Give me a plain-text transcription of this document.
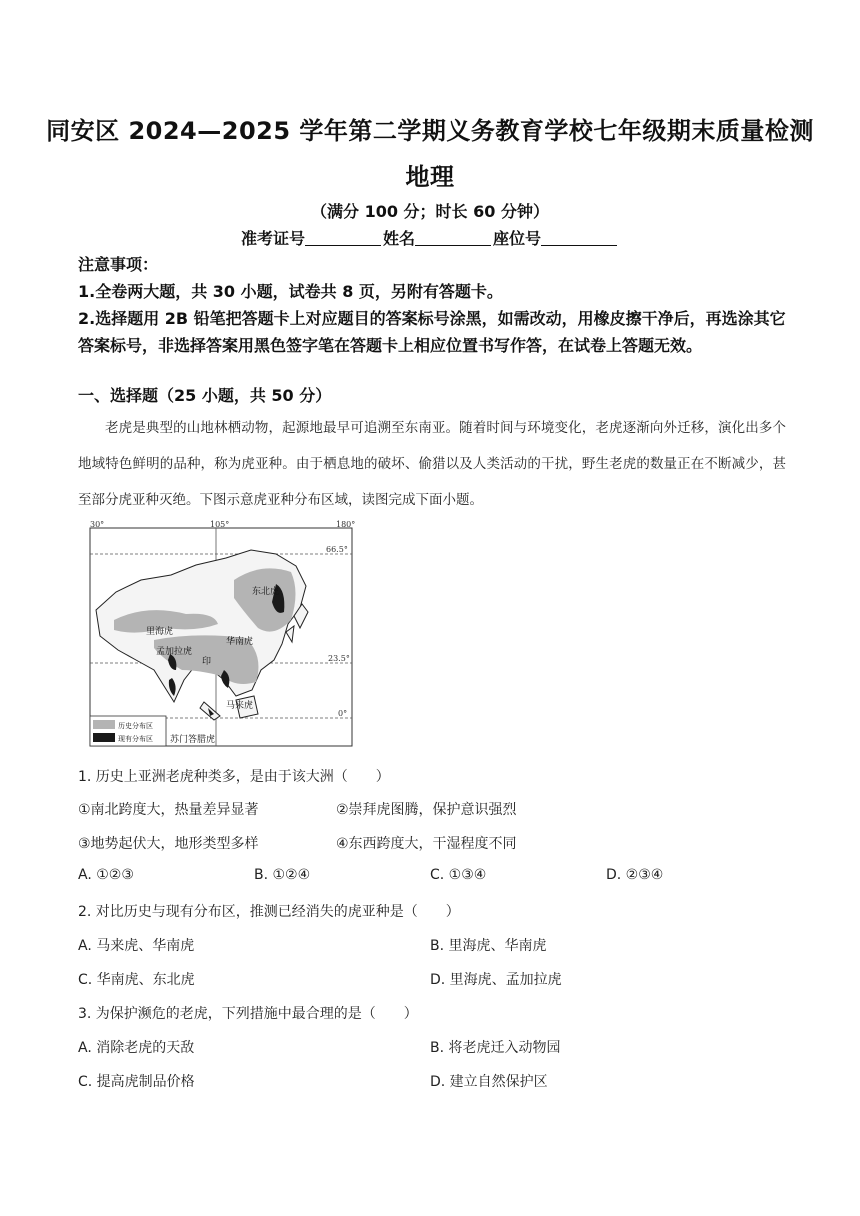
同安区 2024—2025 学年第二学期义务教育学校七年级期末质量检测
地理
（满分 100 分；时长 60 分钟）
准考证号	姓名	座位号
注意事项：
1.全卷两大题，共 30 小题，试卷共 8 页，另附有答题卡。
2.选择题用 2B 铅笔把答题卡上对应题目的答案标号涂黑，如需改动，用橡皮擦干净后，再选涂其它答案标号，非选择答案用黑色签字笔在答题卡上相应位置书写作答，在试卷上答题无效。
一、选择题（25 小题，共 50 分）
老虎是典型的山地林栖动物，起源地最早可追溯至东南亚。随着时间与环境变化，老虎逐渐向外迁移，演化出多个地域特色鲜明的品种，称为虎亚种。由于栖息地的破坏、偷猎以及人类活动的干扰，野生老虎的数量正在不断减少，甚至部分虎亚种灭绝。下图示意虎亚种分布区域，读图完成下面小题。
30°	105°	180°
66.5°
23.5°
0°
东北虎
里海虎
华南虎
孟加拉虎
印
马来虎
苏门答腊虎
历史分布区
现有分布区
1. 历史上亚洲老虎种类多，是由于该大洲（　　）
①南北跨度大，热量差异显著	②崇拜虎图腾，保护意识强烈
③地势起伏大，地形类型多样	④东西跨度大，干湿程度不同
A. ①②③	B. ①②④	C. ①③④	D. ②③④
2. 对比历史与现有分布区，推测已经消失的虎亚种是（　　）
A. 马来虎、华南虎	B. 里海虎、华南虎
C. 华南虎、东北虎	D. 里海虎、孟加拉虎
3. 为保护濒危的老虎，下列措施中最合理的是（　　）
A. 消除老虎的天敌	B. 将老虎迁入动物园
C. 提高虎制品价格	D. 建立自然保护区
